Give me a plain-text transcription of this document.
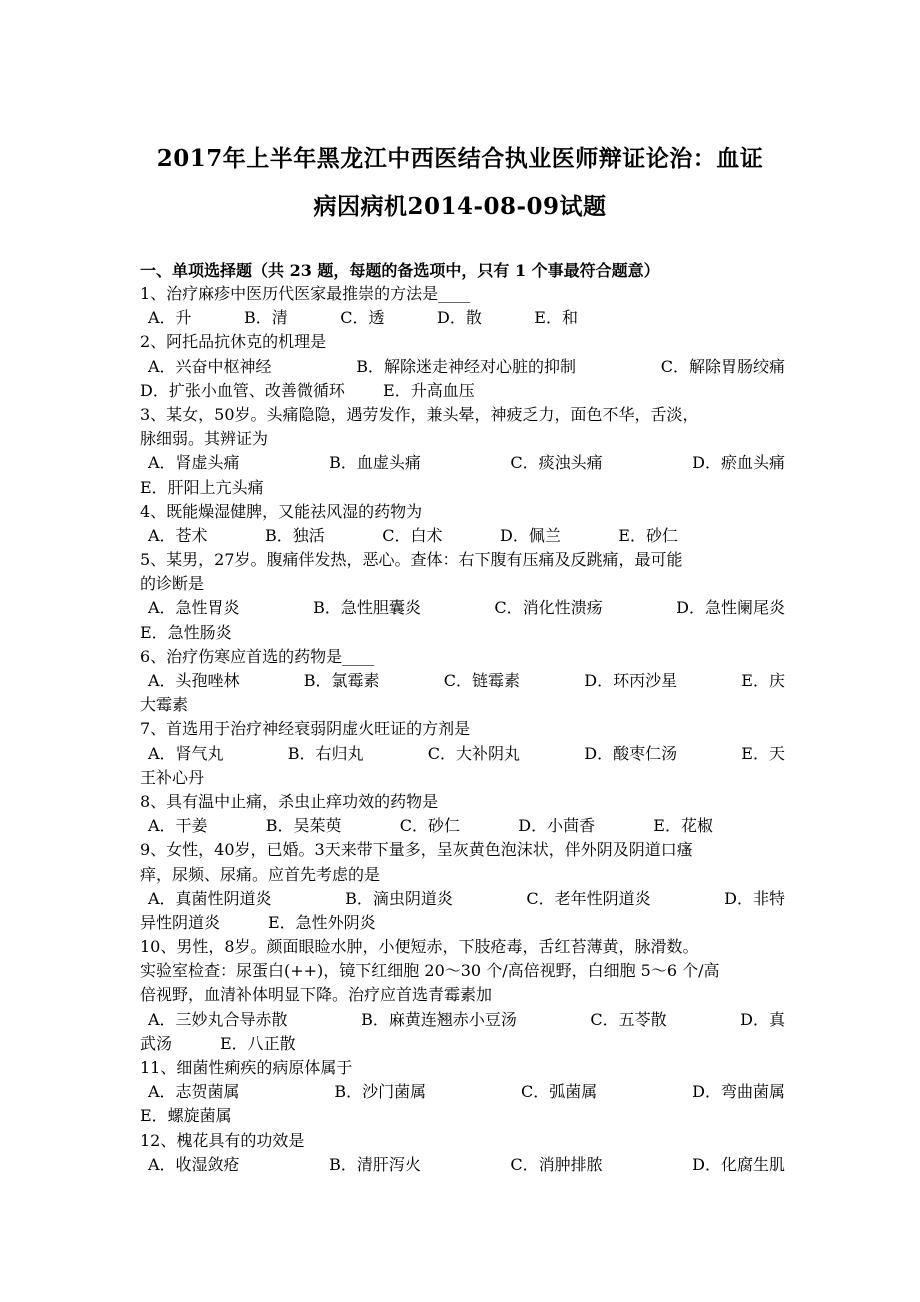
2017年上半年黑龙江中西医结合执业医师辩证论治：血证
病因病机2014-08-09试题
一、单项选择题（共 23 题，每题的备选项中，只有 1 个事最符合题意）
1、治疗麻疹中医历代医家最推崇的方法是____
A．升	B．清	C．透	D．散	E．和
2、阿托品抗休克的机理是
A．兴奋中枢神经	B．解除迷走神经对心脏的抑制	C．解除胃肠绞痛
D．扩张小血管、改善微循环 E．升高血压
3、某女，50岁。头痛隐隐，遇劳发作，兼头晕，神疲乏力，面色不华，舌淡，
脉细弱。其辨证为
A．肾虚头痛	B．血虚头痛	C．痰浊头痛	D．瘀血头痛
E．肝阳上亢头痛
4、既能燥湿健脾，又能祛风湿的药物为
A．苍术	B．独活	C．白术	D．佩兰	E．砂仁
5、某男，27岁。腹痛伴发热，恶心。查体：右下腹有压痛及反跳痛，最可能
的诊断是
A．急性胃炎	B．急性胆囊炎	C．消化性溃疡	D．急性阑尾炎
E．急性肠炎
6、治疗伤寒应首选的药物是____
A．头孢唑林	B．氯霉素	C．链霉素	D．环丙沙星	E．庆
大霉素
7、首选用于治疗神经衰弱阴虚火旺证的方剂是
A．肾气丸	B．右归丸	C．大补阴丸	D．酸枣仁汤	E．天
王补心丹
8、具有温中止痛，杀虫止痒功效的药物是
A．干姜	B．吴茱萸	C．砂仁	D．小茴香	E．花椒
9、女性，40岁，已婚。3天来带下量多，呈灰黄色泡沫状，伴外阴及阴道口瘙
痒，尿频、尿痛。应首先考虑的是
A．真菌性阴道炎	B．滴虫阴道炎	C．老年性阴道炎	D．非特
异性阴道炎　　　E．急性外阴炎
10、男性，8岁。颜面眼睑水肿，小便短赤，下肢疮毒，舌红苔薄黄，脉滑数。
实验室检查：尿蛋白(++)，镜下红细胞 20～30 个/高倍视野，白细胞 5～6 个/高
倍视野，血清补体明显下降。治疗应首选青霉素加
A．三妙丸合导赤散	B．麻黄连翘赤小豆汤	C．五苓散	D．真
武汤　　　E．八正散
11、细菌性痢疾的病原体属于
A．志贺菌属	B．沙门菌属	C．弧菌属	D．弯曲菌属
E．螺旋菌属
12、槐花具有的功效是
A．收湿敛疮	B．清肝泻火	C．消肿排脓	D．化腐生肌
